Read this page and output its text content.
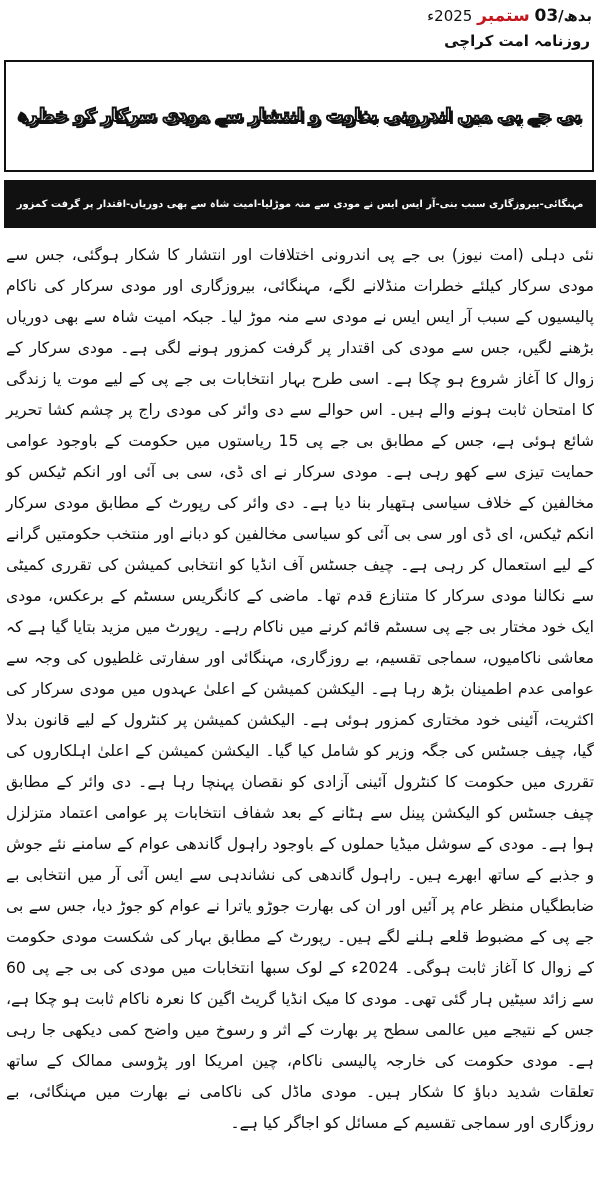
بدھ/03 ستمبر 2025ء
روزنامہ امت کراچی
بی جے پی میں اندرونی بغاوت و انتشار سے مودی سرکار کو خطرہ
مہنگائی-بیروزگاری سبب بنی-آر ایس ایس نے مودی سے منہ موڑلیا-امیت شاہ سے بھی دوریاں-اقتدار پر گرفت کمزور

نئی دہلی (امت نیوز) بی جے پی اندرونی اختلافات اور انتشار کا شکار ہوگئی، جس سے مودی سرکار کیلئے خطرات منڈلانے لگے، مہنگائی، بیروزگاری اور مودی سرکار کی ناکام پالیسیوں کے سبب آر ایس ایس نے مودی سے منہ موڑ لیا۔ جبکہ امیت شاہ سے بھی دوریاں بڑھنے لگیں، جس سے مودی کی اقتدار پر گرفت کمزور ہونے لگی ہے۔ مودی سرکار کے زوال کا آغاز شروع ہو چکا ہے۔ اسی طرح بہار انتخابات بی جے پی کے لیے موت یا زندگی کا امتحان ثابت ہونے والے ہیں۔ اس حوالے سے دی وائر کی مودی راج پر چشم کشا تحریر شائع ہوئی ہے، جس کے مطابق بی جے پی 15 ریاستوں میں حکومت کے باوجود عوامی حمایت تیزی سے کھو رہی ہے۔ مودی سرکار نے ای ڈی، سی بی آئی اور انکم ٹیکس کو مخالفین کے خلاف سیاسی ہتھیار بنا دیا ہے۔ دی وائر کی رپورٹ کے مطابق مودی سرکار انکم ٹیکس، ای ڈی اور سی بی آئی کو سیاسی مخالفین کو دبانے اور منتخب حکومتیں گرانے کے لیے استعمال کر رہی ہے۔ چیف جسٹس آف انڈیا کو انتخابی کمیشن کی تقرری کمیٹی سے نکالنا مودی سرکار کا متنازع قدم تھا۔ ماضی کے کانگریس سسٹم کے برعکس، مودی ایک خود مختار بی جے پی سسٹم قائم کرنے میں ناکام رہے۔ رپورٹ میں مزید بتایا گیا ہے کہ معاشی ناکامیوں، سماجی تقسیم، بے روزگاری، مہنگائی اور سفارتی غلطیوں کی وجہ سے عوامی عدم اطمینان بڑھ رہا ہے۔ الیکشن کمیشن کے اعلیٰ عہدوں میں مودی سرکار کی اکثریت، آئینی خود مختاری کمزور ہوئی ہے۔ الیکشن کمیشن پر کنٹرول کے لیے قانون بدلا گیا، چیف جسٹس کی جگہ وزیر کو شامل کیا گیا۔ الیکشن کمیشن کے اعلیٰ اہلکاروں کی تقرری میں حکومت کا کنٹرول آئینی آزادی کو نقصان پہنچا رہا ہے۔ دی وائر کے مطابق چیف جسٹس کو الیکشن پینل سے ہٹانے کے بعد شفاف انتخابات پر عوامی اعتماد متزلزل ہوا ہے۔ مودی کے سوشل میڈیا حملوں کے باوجود راہول گاندھی عوام کے سامنے نئے جوش و جذبے کے ساتھ ابھرے ہیں۔ راہول گاندھی کی نشاندہی سے ایس آئی آر میں انتخابی بے ضابطگیاں منظر عام پر آئیں اور ان کی بھارت جوڑو یاترا نے عوام کو جوڑ دیا، جس سے بی جے پی کے مضبوط قلعے ہلنے لگے ہیں۔ رپورٹ کے مطابق بہار کی شکست مودی حکومت کے زوال کا آغاز ثابت ہوگی۔ 2024ء کے لوک سبھا انتخابات میں مودی کی بی جے پی 60 سے زائد سیٹیں ہار گئی تھی۔ مودی کا میک انڈیا گریٹ اگین کا نعرہ ناکام ثابت ہو چکا ہے، جس کے نتیجے میں عالمی سطح پر بھارت کے اثر و رسوخ میں واضح کمی دیکھی جا رہی ہے۔ مودی حکومت کی خارجہ پالیسی ناکام، چین امریکا اور پڑوسی ممالک کے ساتھ تعلقات شدید دباؤ کا شکار ہیں۔ مودی ماڈل کی ناکامی نے بھارت میں مہنگائی، بے روزگاری اور سماجی تقسیم کے مسائل کو اجاگر کیا ہے۔
